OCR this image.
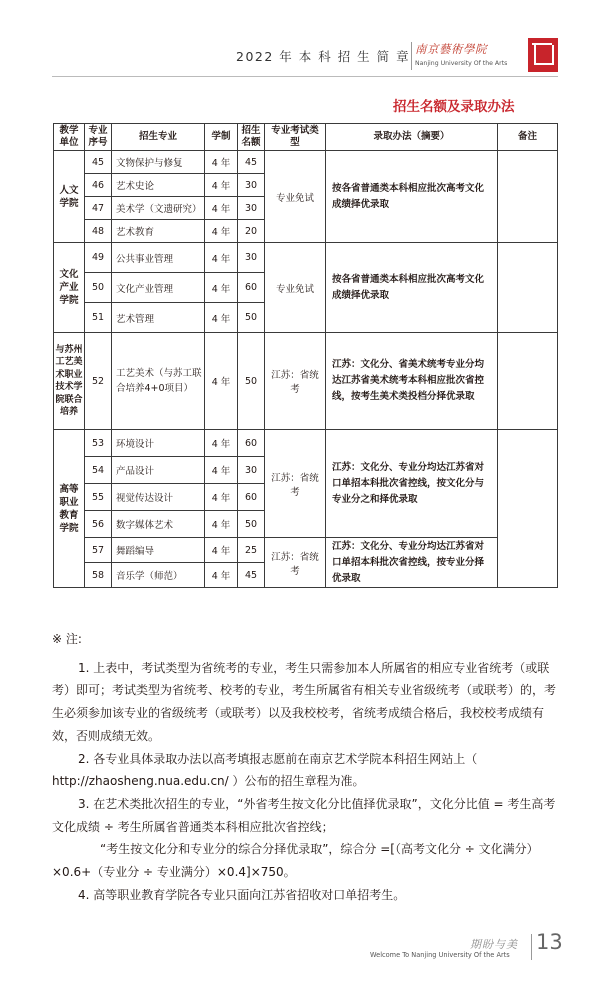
2022 年 本 科 招 生 简 章 南京藝術學院
Nanjing University Of the Arts
招生名额及录取办法
教学单位	专业序号	招生专业	学制	招生名额	专业考试类型	录取办法（摘要）	备注
人文学院	45	文物保护与修复	4 年	45	专业免试	按各省普通类本科相应批次高考文化成绩择优录取	
	46	艺术史论	4 年	30			
	47	美术学（文遗研究）	4 年	30			
	48	艺术教育	4 年	20			
文化产业学院	49	公共事业管理	4 年	30	专业免试	按各省普通类本科相应批次高考文化成绩择优录取	
	50	文化产业管理	4 年	60			
	51	艺术管理	4 年	50			
与苏州工艺美术职业技术学院联合培养	52	工艺美术（与苏工联合培养4+0项目）	4 年	50	江苏：省统考	江苏：文化分、省美术统考专业分均达江苏省美术统考本科相应批次省控线，按考生美术类投档分择优录取	
高等职业教育学院	53	环境设计	4 年	60	江苏：省统考	江苏：文化分、专业分均达江苏省对口单招本科批次省控线，按文化分与专业分之和择优录取	
	54	产品设计	4 年	30			
	55	视觉传达设计	4 年	60			
	56	数字媒体艺术	4 年	50			
	57	舞蹈编导	4 年	25	江苏：省统考	江苏：文化分、专业分均达江苏省对口单招本科批次省控线，按专业分择优录取	
	58	音乐学（师范）	4 年	45			

※ 注:

1. 上表中，考试类型为省统考的专业，考生只需参加本人所属省的相应专业省统考（或联考）即可；考试类型为省统考、校考的专业，考生所属省有相关专业省级统考（或联考）的，考生必须参加该专业的省级统考（或联考）以及我校校考，省统考成绩合格后，我校校考成绩有效，否则成绩无效。

2. 各专业具体录取办法以高考填报志愿前在南京艺术学院本科招生网站上（ http://zhaosheng.nua.edu.cn/ ）公布的招生章程为准。

3. 在艺术类批次招生的专业，“外省考生按文化分比值择优录取”，文化分比值 = 考生高考文化成绩 ÷ 考生所属省普通类本科相应批次省控线；

“考生按文化分和专业分的综合分择优录取”，综合分 =[（高考文化分 ÷ 文化满分）×0.6+（专业分 ÷ 专业满分）×0.4]×750。

4. 高等职业教育学院各专业只面向江苏省招收对口单招考生。

期盼与美
Welcome To Nanjing University Of the Arts
13
